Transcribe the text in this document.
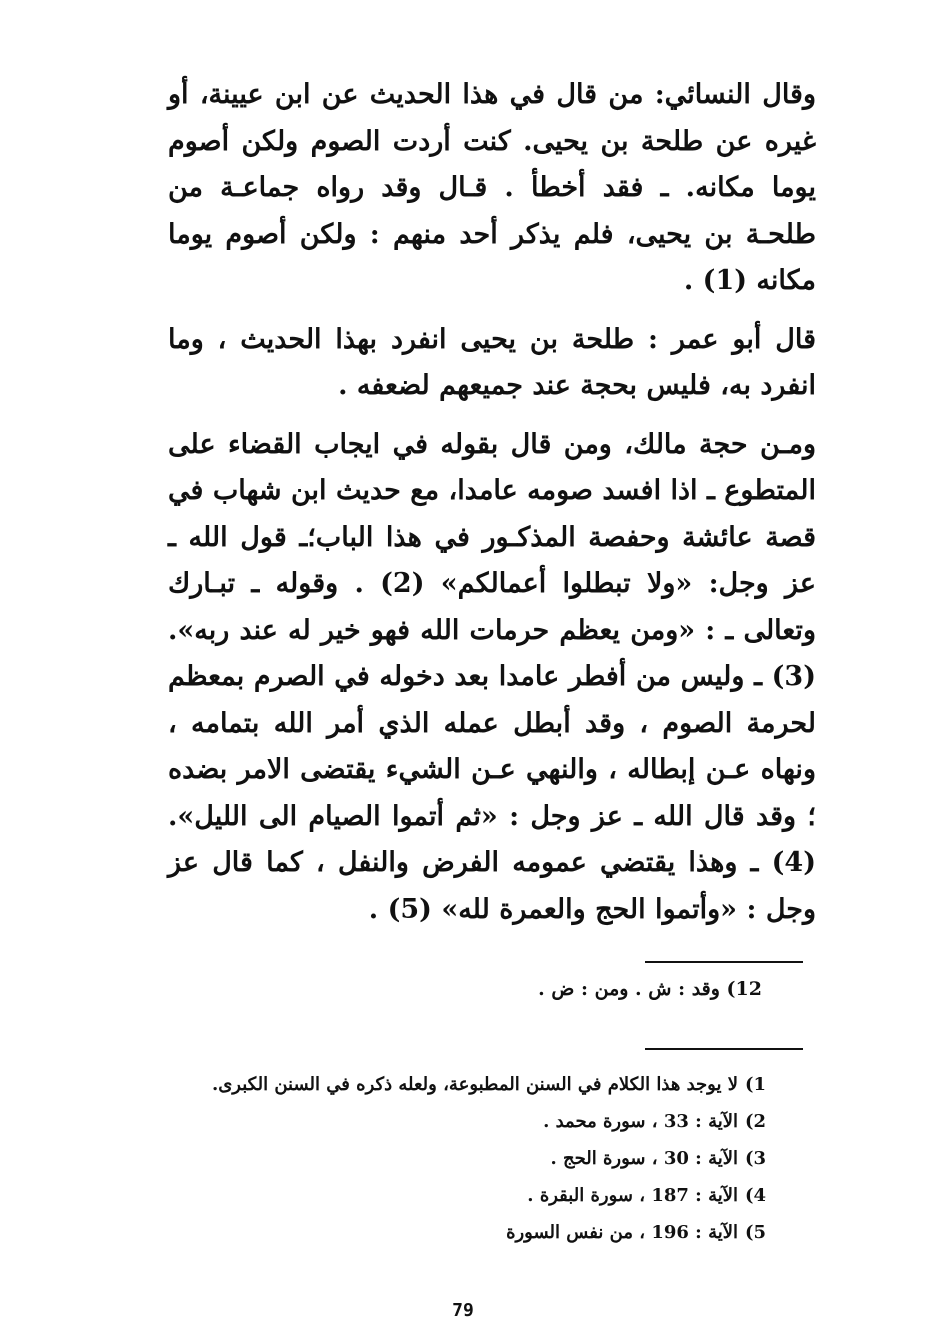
وقال النسائي: من قال في هذا الحديث عن ابن عيينة، أو غيره عن طلحة بن يحيى. كنت أردت الصوم ولكن أصوم يوما مكانه. ـ فقد أخطأ . قـال وقد رواه جماعـة من طلحـة بن يحيى، فلم يذكر أحد منهم : ولكن أصوم يوما مكانه (1) .

قال أبو عمر : طلحة بن يحيى انفرد بهذا الحديث ، وما انفرد به، فليس بحجة عند جميعهم لضعفه .

ومـن حجة مالك، ومن قال بقوله في ايجاب القضاء على المتطوع ـ اذا افسد صومه عامدا، مع حديث ابن شهاب في قصة عائشة وحفصة المذكـور في هذا الباب؛ـ قول الله ـ عز وجل: «ولا تبطلوا أعمالكم» (2) . وقوله ـ تبـارك وتعالى ـ : «ومن يعظم حرمات الله فهو خير له عند ربه». (3) ـ وليس من أفطر عامدا بعد دخوله في الصرم بمعظم لحرمة الصوم ، وقد أبطل عمله الذي أمر الله بتمامه ، ونهاه عـن إبطاله ، والنهي عـن الشيء يقتضى الامر بضده ؛ وقد قال الله ـ عز وجل : «ثم أتموا الصيام الى الليل». (4) ـ وهذا يقتضي عمومه الفرض والنفل ، كما قال عز وجل : «وأتموا الحج والعمرة لله» (5) .

12) وقد : ش . ومن : ض .
1)لا يوجد هذا الكلام في السنن المطبوعة، ولعله ذكره في السنن الكبرى.
2)الآية : 33 ، سورة محمد .
3)الآية : 30 ، سورة الحج .
4)الآية : 187 ، سورة البقرة .
5)الآية : 196 ، من نفس السورة
79
